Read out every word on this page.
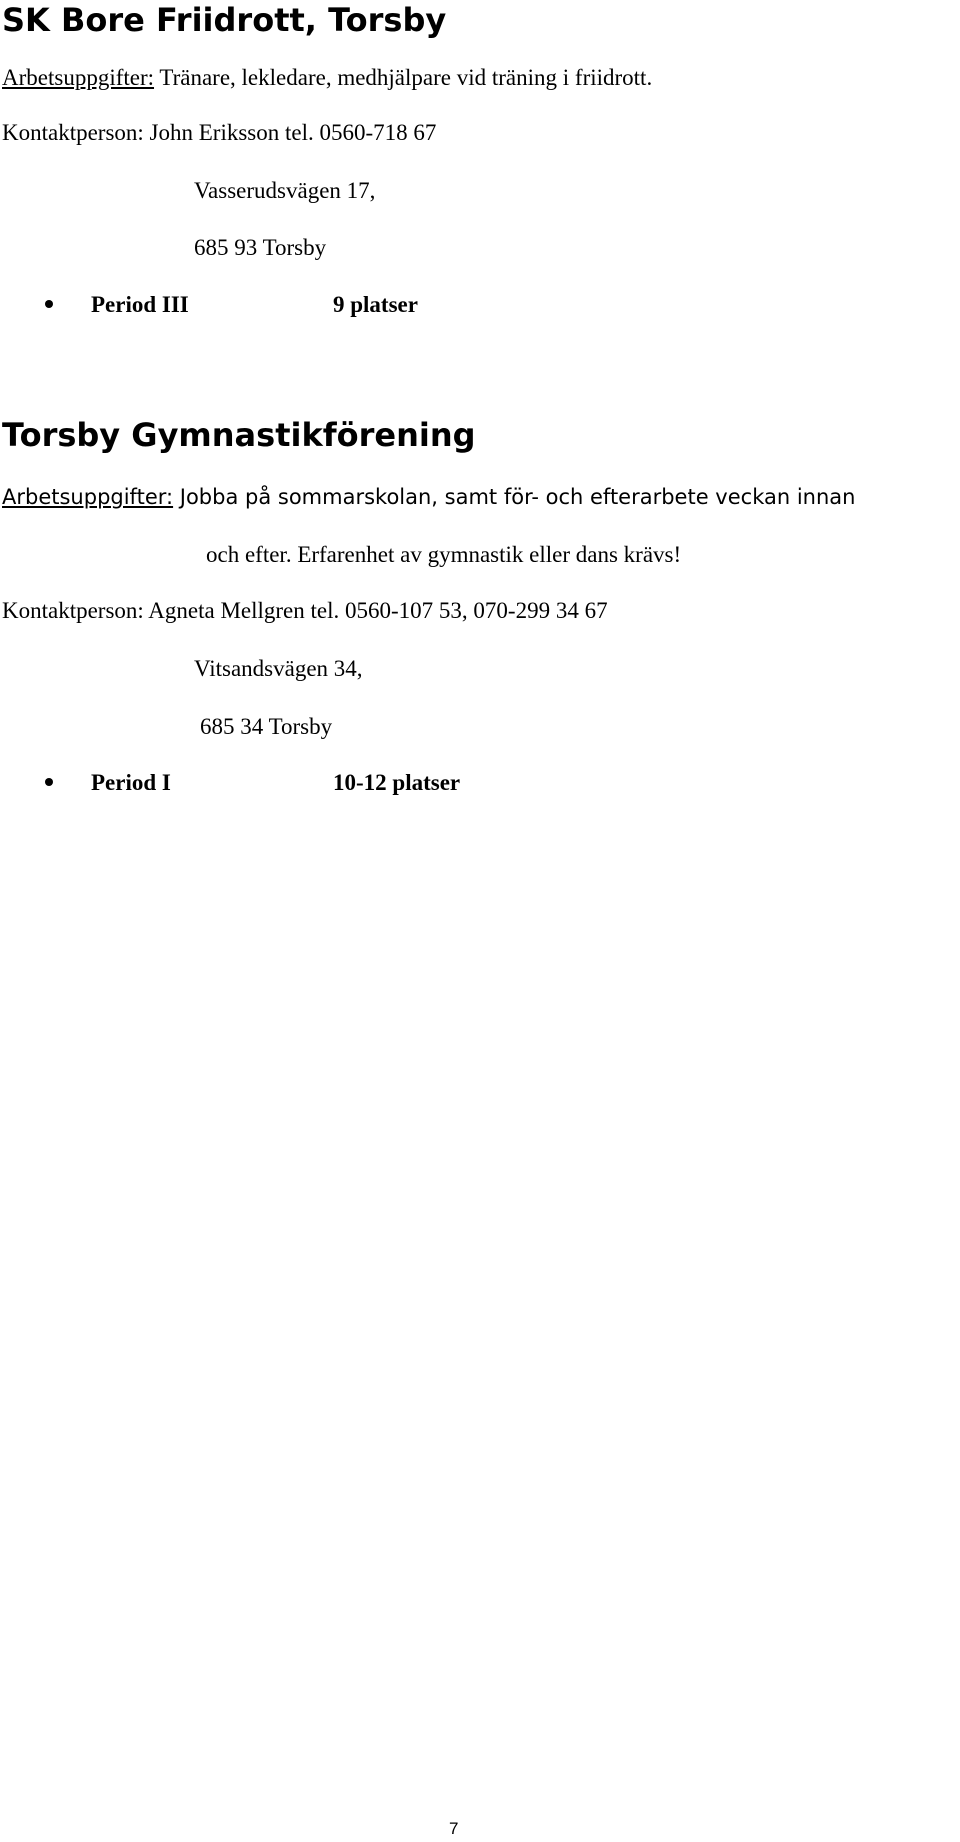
SK Bore Friidrott, Torsby
Arbetsuppgifter: Tränare, lekledare, medhjälpare vid träning i friidrott.
Kontaktperson: John Eriksson tel. 0560-718 67
Vasserudsvägen 17,
685 93 Torsby
Period III	9 platser
Torsby Gymnastikförening
Arbetsuppgifter: Jobba på sommarskolan, samt för- och efterarbete veckan innan
och efter. Erfarenhet av gymnastik eller dans krävs!
Kontaktperson: Agneta Mellgren tel. 0560-107 53, 070-299 34 67
Vitsandsvägen 34,
685 34 Torsby
Period I	10-12 platser
7
